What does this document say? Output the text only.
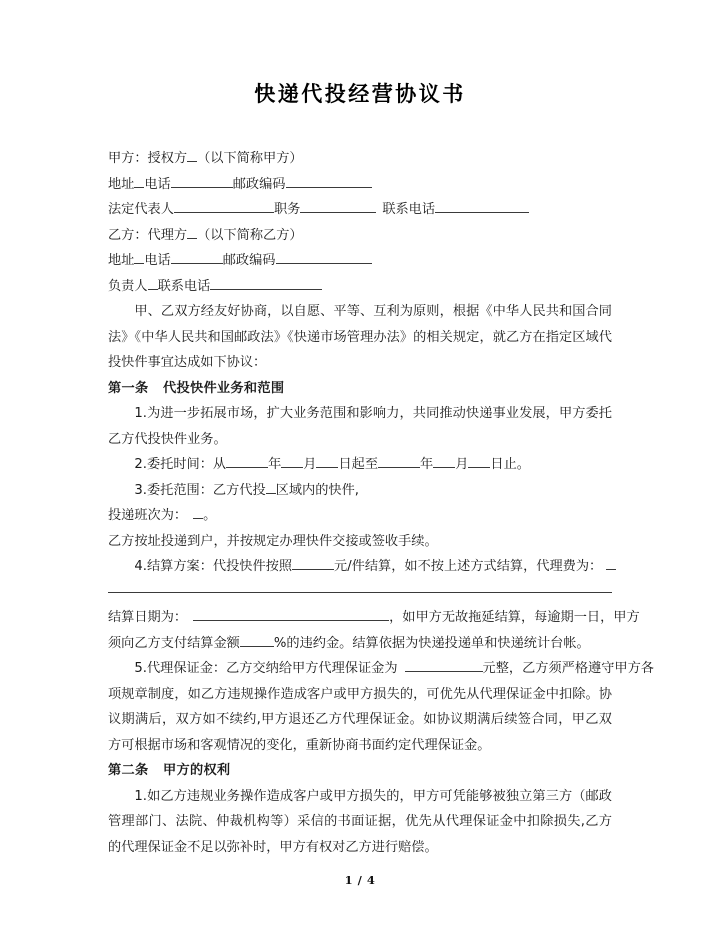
快递代投经营协议书
甲方：授权方 （以下简称甲方）
地址 电话	邮政编码
法定代表人	职务	联系电话
乙方：代理方 （以下简称乙方）
地址 电话	邮政编码
负责人 联系电话

甲、乙双方经友好协商，以自愿、平等、互利为原则，根据《中华人民共和国合同法》《中华人民共和国邮政法》《快递市场管理办法》的相关规定，就乙方在指定区域代投快件事宜达成如下协议：

第一条 代投快件业务和范围

1.为进一步拓展市场，扩大业务范围和影响力，共同推动快递事业发展，甲方委托乙方代投快件业务。

2.委托时间：从	年 月 日起至	年 月 日止。
3.委托范围：乙方代投 区域内的快件,
投递班次为： 。

乙方按址投递到户，并按规定办理快件交接或签收手续。

4.结算方案：代投快件按照	元/件结算，如不按上述方式结算，代理费为：
结算日期为：	，如甲方无故拖延结算，每逾期一日，甲方
须向乙方支付结算金额	%的违约金。结算依据为快递投递单和快递统计台帐。
5.代理保证金：乙方交纳给甲方代理保证金为	元整，乙方须严格遵守甲方各

项规章制度，如乙方违规操作造成客户或甲方损失的，可优先从代理保证金中扣除。协议期满后，双方如不续约,甲方退还乙方代理保证金。如协议期满后续签合同，甲乙双方可根据市场和客观情况的变化，重新协商书面约定代理保证金。

第二条 甲方的权利

1.如乙方违规业务操作造成客户或甲方损失的，甲方可凭能够被独立第三方（邮政管理部门、法院、仲裁机构等）采信的书面证据，优先从代理保证金中扣除损失,乙方的代理保证金不足以弥补时，甲方有权对乙方进行赔偿。

1 / 4
